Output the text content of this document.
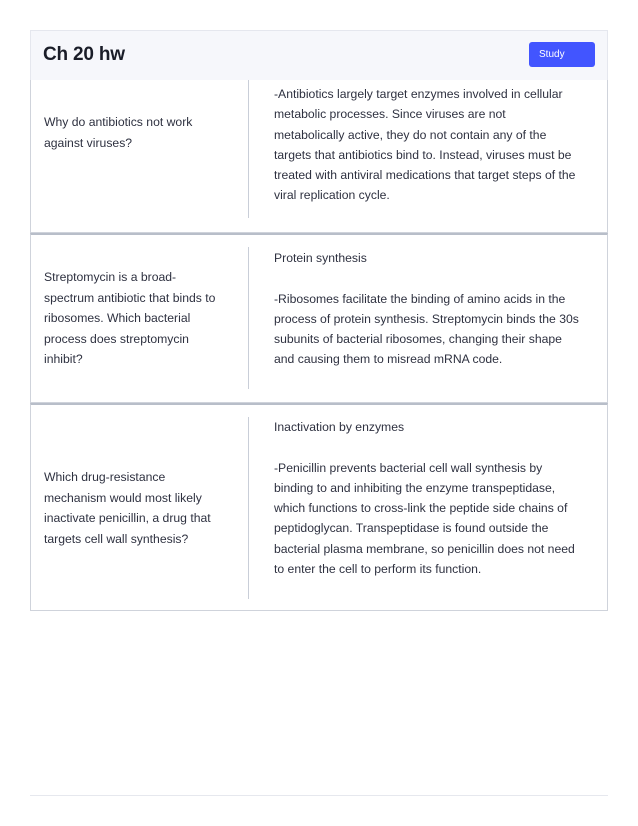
Ch 20 hw	Study
Why do antibiotics not work against viruses?

-Antibiotics largely target enzymes involved in cellular metabolic processes. Since viruses are not metabolically active, they do not contain any of the targets that antibiotics bind to. Instead, viruses must be treated with antiviral medications that target steps of the viral replication cycle.

Streptomycin is a broad-spectrum antibiotic that binds to ribosomes. Which bacterial process does streptomycin inhibit?

Protein synthesis

-Ribosomes facilitate the binding of amino acids in the process of protein synthesis. Streptomycin binds the 30s subunits of bacterial ribosomes, changing their shape and causing them to misread mRNA code.

Which drug-resistance mechanism would most likely inactivate penicillin, a drug that targets cell wall synthesis?

Inactivation by enzymes

-Penicillin prevents bacterial cell wall synthesis by binding to and inhibiting the enzyme transpeptidase, which functions to cross-link the peptide side chains of peptidoglycan. Transpeptidase is found outside the bacterial plasma membrane, so penicillin does not need to enter the cell to perform its function.
